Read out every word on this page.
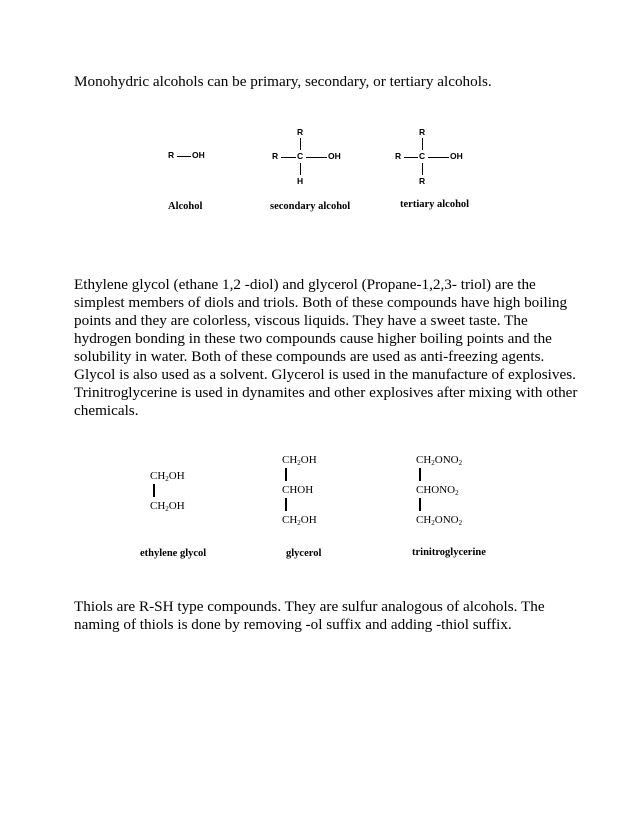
Monohydric alcohols can be primary, secondary, or tertiary alcohols.

R OH
Alcohol
R
R C	OH
H
secondary alcohol
R
R C	OH
R
tertiary alcohol

Ethylene glycol (ethane 1,2 -diol) and glycerol (Propane-1,2,3- triol) are the
simplest members of diols and triols. Both of these compounds have high boiling
points and they are colorless, viscous liquids. They have a sweet taste. The
hydrogen bonding in these two compounds cause higher boiling points and the
solubility in water. Both of these compounds are used as anti-freezing agents.
Glycol is also used as a solvent. Glycerol is used in the manufacture of explosives.
Trinitroglycerine is used in dynamites and other explosives after mixing with other
chemicals.

$CH_2OH$
$CH_2OH$
ethylene glycol
$CH_2OH$
CHOH
$CH_2OH$
glycerol
$CH_2ONO_2$
$CHONO_2$
$CH_2ONO_2$
trinitroglycerine

Thiols are R-SH type compounds. They are sulfur analogous of alcohols. The
naming of thiols is done by removing -ol suffix and adding -thiol suffix.
